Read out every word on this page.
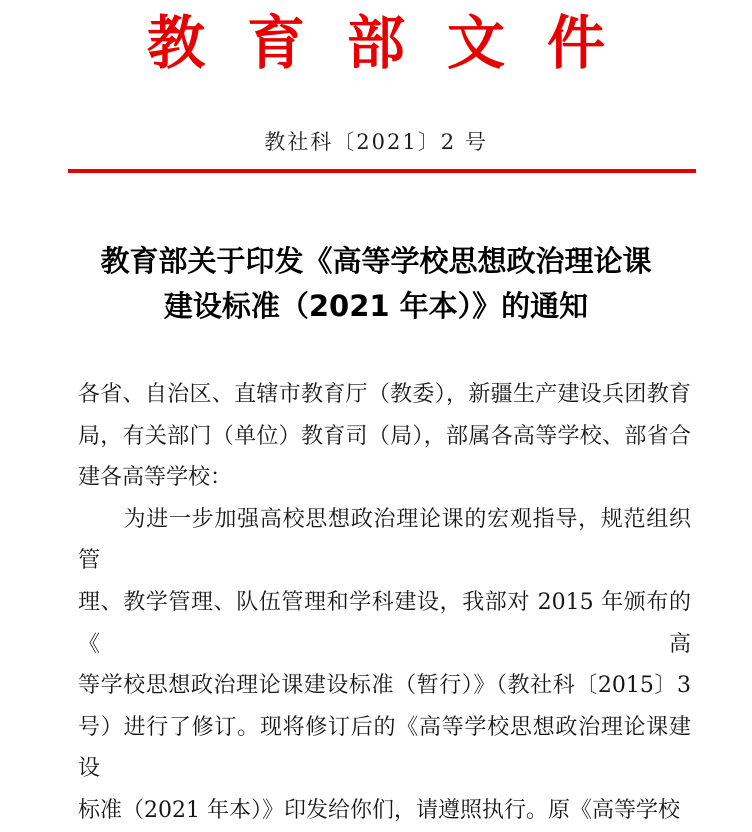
教 育 部 文 件
教社科〔2021〕2 号
教育部关于印发《高等学校思想政治理论课
建设标准（2021 年本）》的通知
各省、自治区、直辖市教育厅（教委），新疆生产建设兵团教育
局，有关部门（单位）教育司（局），部属各高等学校、部省合
建各高等学校：
　　为进一步加强高校思想政治理论课的宏观指导，规范组织管
理、教学管理、队伍管理和学科建设，我部对 2015 年颁布的《高
等学校思想政治理论课建设标准（暂行）》（教社科〔2015〕3
号）进行了修订。现将修订后的《高等学校思想政治理论课建设
标准（2021 年本）》印发给你们，请遵照执行。原《高等学校
